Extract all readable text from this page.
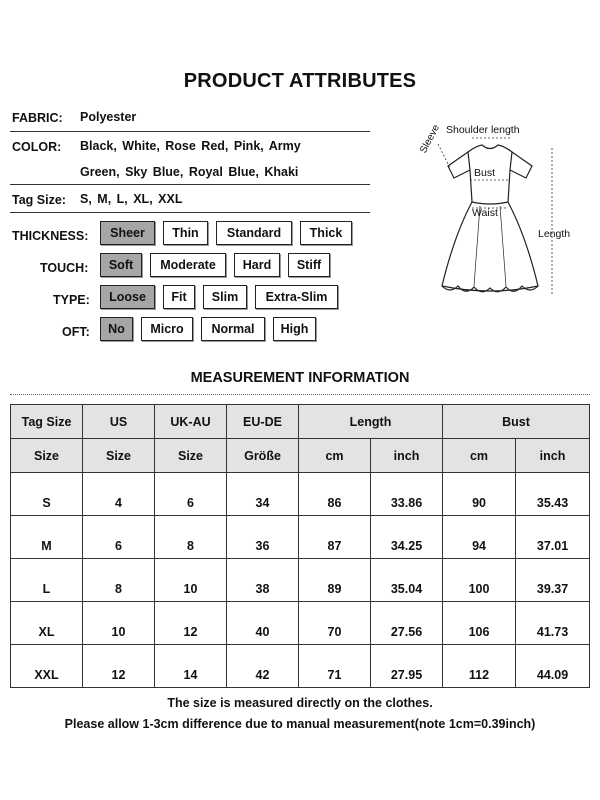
PRODUCT ATTRIBUTES
FABRIC: Polyester
COLOR: Black, White, Rose Red, Pink, Army
Green, Sky Blue, Royal Blue, Khaki
Tag Size: S, M, L, XL, XXL
THICKNESS:	Sheer	Thin	Standard	Thick
TOUCH:	Soft	Moderate	Hard	Stiff
TYPE:	Loose	Fit	Slim	Extra-Slim
OFT:	No	Micro	Normal	High
Shoulder length
Sleeve
Bust
Waist
Length
MEASUREMENT INFORMATION
Tag Size	US	UK-AU	EU-DE	Length		Bust	
Size	Size	Size	Größe	cm	inch	cm	inch
S	4	6	34	86	33.86	90	35.43
M	6	8	36	87	34.25	94	37.01
L	8	10	38	89	35.04	100	39.37
XL	10	12	40	70	27.56	106	41.73
XXL	12	14	42	71	27.95	112	44.09
The size is measured directly on the clothes.
Please allow 1-3cm difference due to manual measurement(note 1cm=0.39inch)
